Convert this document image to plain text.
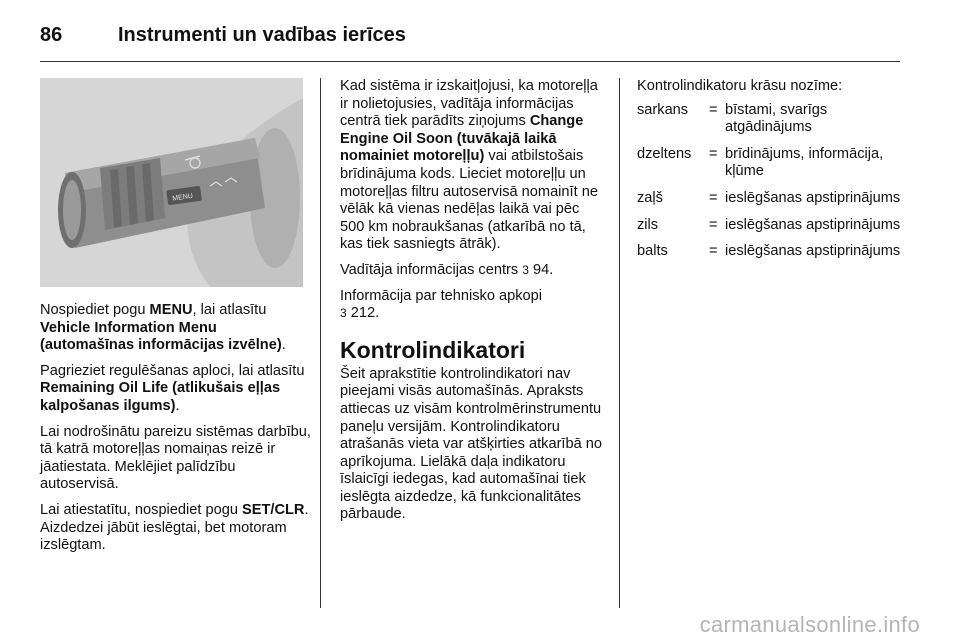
86	Instrumenti un vadības ierīces
MENU

Nospiediet pogu MENU, lai atlasītu Vehicle Information Menu (automašīnas informācijas izvēlne).

Pagrieziet regulēšanas aploci, lai atlasītu Remaining Oil Life (atlikušais eļļas kalpošanas ilgums).

Lai nodrošinātu pareizu sistēmas darbību, tā katrā motoreļļas nomaiņas reizē ir jāatiestata. Meklējiet palīdzību autoservisā.

Lai atiestatītu, nospiediet pogu SET/CLR. Aizdedzei jābūt ieslēgtai, bet motoram izslēgtam.

Kad sistēma ir izskaitļojusi, ka motoreļļa ir nolietojusies, vadītāja informācijas centrā tiek parādīts ziņojums Change Engine Oil Soon (tuvākajā laikā nomainiet motoreļļu) vai atbilstošais brīdinājuma kods. Lieciet motoreļļu un motoreļļas filtru autoservisā nomainīt ne vēlāk kā vienas nedēļas laikā vai pēc 500 km nobraukšanas (atkarībā no tā, kas tiek sasniegts ātrāk).

Vadītāja informācijas centrs 3 94.

Informācija par tehnisko apkopi
3 212.

Kontrolindikatori

Šeit aprakstītie kontrolindikatori nav pieejami visās automašīnās. Apraksts attiecas uz visām kontrolmērinstrumentu paneļu versijām. Kontrolindikatoru atrašanās vieta var atšķirties atkarībā no aprīkojuma. Lielākā daļa indikatoru īslaicīgi iedegas, kad automašīnai tiek ieslēgta aizdedze, kā funkcionalitātes pārbaude.

Kontrolindikatoru krāsu nozīme:

sarkans	= bīstami, svarīgs atgādinājums
dzeltens	= brīdinājums, informācija, kļūme
zaļš	= ieslēgšanas apstiprinājums
zils	= ieslēgšanas apstiprinājums
balts	= ieslēgšanas apstiprinājums
carmanualsonline.info
